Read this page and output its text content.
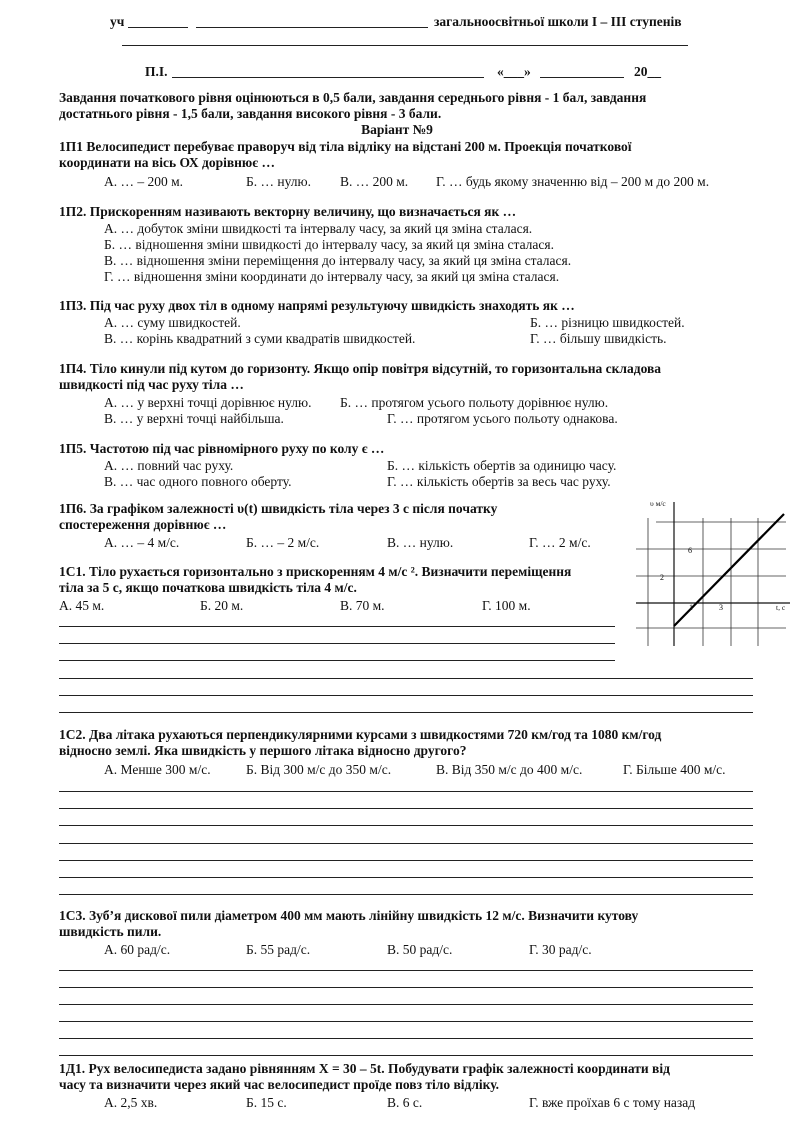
уч	загальноосвітньої школи І – ІІІ ступенів
П.І.	«___»	20__
Завдання початкового рівня оцінюються в 0,5 бали, завдання середнього рівня - 1 бал, завдання
достатнього рівня - 1,5 бали, завдання високого рівня - 3 бали.
Варіант №9
1П1 Велосипедист перебуває праворуч від тіла відліку на відстані 200 м. Проекція початкової
координати на вісь ОХ дорівнює …
А. … – 200 м.	Б. … нулю. В. … 200 м. Г. … будь якому значенню від – 200 м до 200 м.
1П2. Прискоренням називають векторну величину, що визначається як …
А. … добуток зміни швидкості та інтервалу часу, за який ця зміна сталася.
Б. … відношення зміни швидкості до інтервалу часу, за який ця зміна сталася.
В. … відношення зміни переміщення до інтервалу часу, за який ця зміна сталася.
Г. … відношення зміни координати до інтервалу часу, за який ця зміна сталася.
1П3. Під час руху двох тіл в одному напрямі результуючу швидкість знаходять як …
А. … суму швидкостей.	Б. … різницю швидкостей.
В. … корінь квадратний з суми квадратів швидкостей.	Г. … більшу швидкість.
1П4. Тіло кинули під кутом до горизонту. Якщо опір повітря відсутній, то горизонтальна складова
швидкості під час руху тіла …
А. … у верхні точці дорівнює нулю. Б. … протягом усього польоту дорівнює нулю.
В. … у верхні точці найбільша.	Г. … протягом усього польоту однакова.
1П5. Частотою під час рівномірного руху по колу є …
А. … повний час руху.	Б. … кількість обертів за одиницю часу.
В. … час одного повного оберту.	Г. … кількість обертів за весь час руху.
1П6. За графіком залежності υ(t) швидкість тіла через 3 с після початку
спостереження дорівнює …
А. … – 4 м/с.	Б. … – 2 м/с.	В. … нулю.	Г. … 2 м/с.
υ м/с
t, с
6
2
1	3
1С1. Тіло рухається горизонтально з прискоренням 4 м/с ². Визначити переміщення
тіла за 5 с, якщо початкова швидкість тіла 4 м/с.
А. 45 м.	Б. 20 м.	В. 70 м.	Г. 100 м.
1С2. Два літака рухаються перпендикулярними курсами з швидкостями 720 км/год та 1080 км/год
відносно землі. Яка швидкість у першого літака відносно другого?
А. Менше 300 м/с.	Б. Від 300 м/с до 350 м/с.	В. Від 350 м/с до 400 м/с.	Г. Більше 400 м/с.
1С3. Зуб’я дискової пили діаметром 400 мм мають лінійну швидкість 12 м/с. Визначити кутову
швидкість пили.
А. 60 рад/с.	Б. 55 рад/с.	В. 50 рад/с.	Г. 30 рад/с.
1Д1. Рух велосипедиста задано рівнянням Х = 30 – 5t. Побудувати графік залежності координати від
часу та визначити через який час велосипедист проїде повз тіло відліку.
А. 2,5 хв.	Б. 15 с.	В. 6 с.	Г. вже проїхав 6 с тому назад
